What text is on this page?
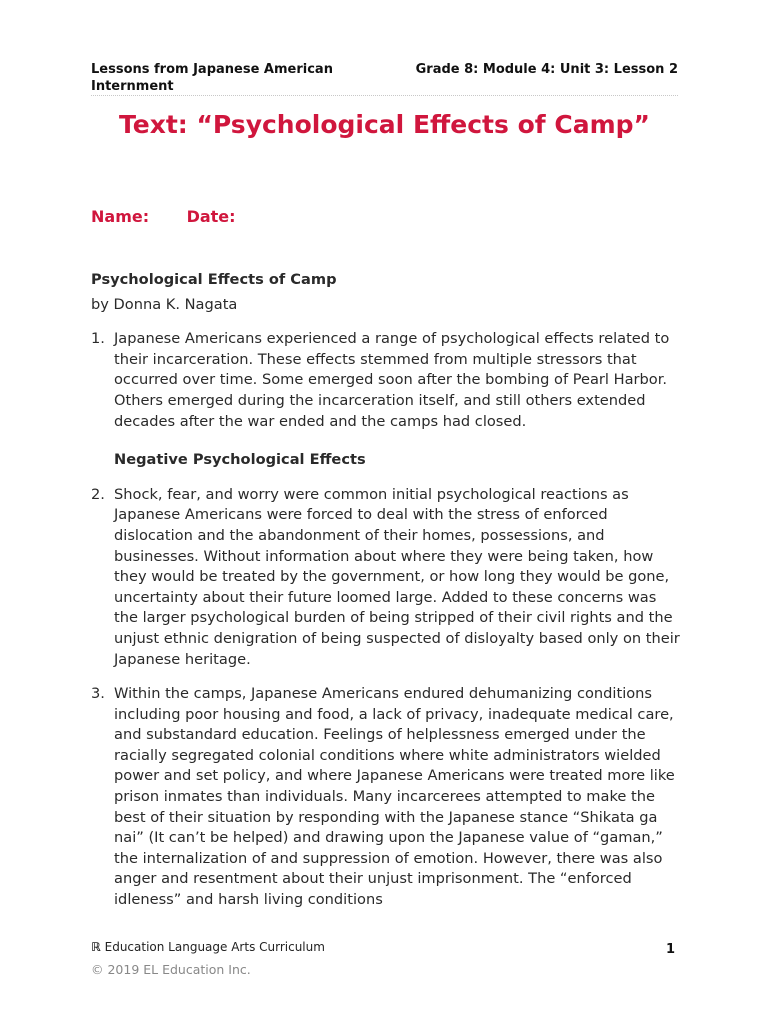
Lessons from Japanese American Internment
Grade 8: Module 4: Unit 3: Lesson 2
Text: “Psychological Effects of Camp”
Name: Date:

Psychological Effects of Camp

by Donna K. Nagata

1. Japanese Americans experienced a range of psychological effects related to their incarceration. These effects stemmed from multiple stressors that occurred over time. Some emerged soon after the bombing of Pearl Harbor. Others emerged during the incarceration itself, and still others extended decades after the war ended and the camps had closed.

Negative Psychological Effects

2. Shock, fear, and worry were common initial psychological reactions as Japanese Americans were forced to deal with the stress of enforced dislocation and the abandonment of their homes, possessions, and businesses. Without information about where they were being taken, how they would be treated by the government, or how long they would be gone, uncertainty about their future loomed large. Added to these concerns was the larger psychological burden of being stripped of their civil rights and the unjust ethnic denigration of being suspected of disloyalty based only on their Japanese heritage.
3. Within the camps, Japanese Americans endured dehumanizing conditions including poor housing and food, a lack of privacy, inadequate medical care, and substandard education. Feelings of helplessness emerged under the racially segregated colonial conditions where white administrators wielded power and set policy, and where Japanese Americans were treated more like prison inmates than individuals. Many incarcerees attempted to make the best of their situation by responding with the Japanese stance “Shikata ga nai” (It can’t be helped) and drawing upon the Japanese value of “gaman,” the internalization of and suppression of emotion. However, there was also anger and resentment about their unjust imprisonment. The “enforced idleness” and harsh living conditions
ℝ Education Language Arts Curriculum	1
© 2019 EL Education Inc.
